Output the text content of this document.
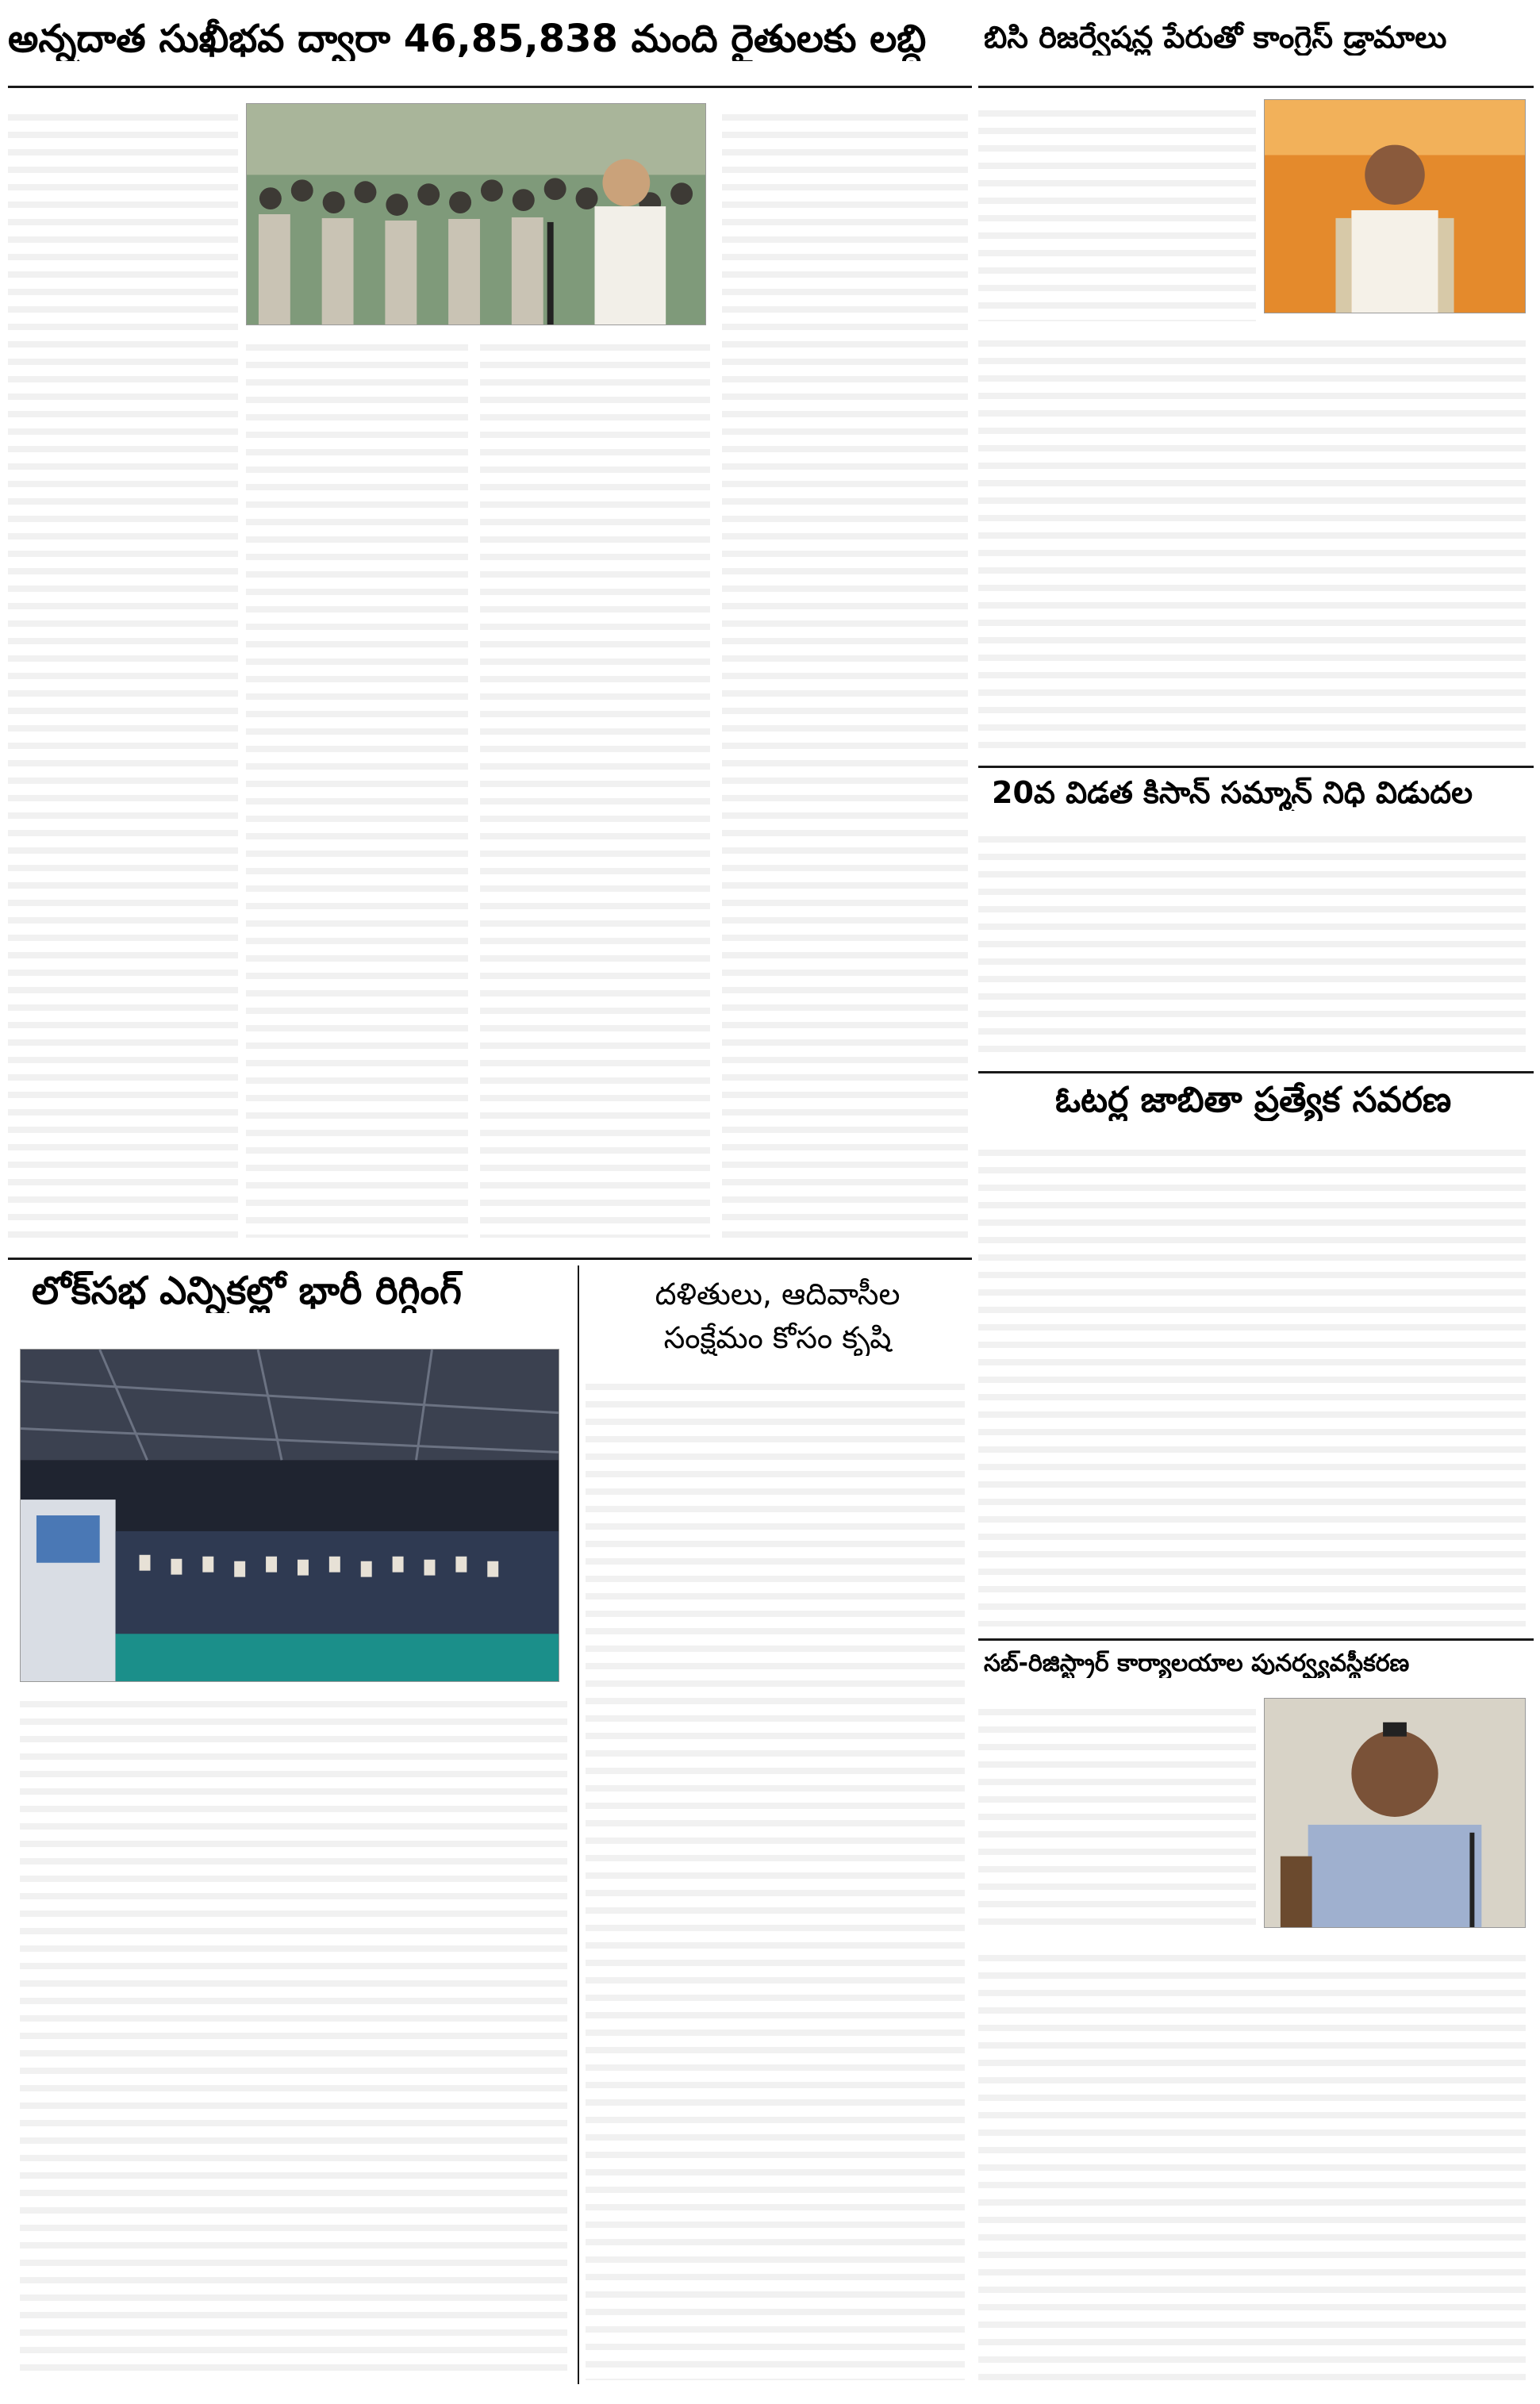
అన్నదాత సుఖీభవ ద్వారా 46,85,838 మంది రైతులకు లబ్ధి	బిసి రిజర్వేషన్ల పేరుతో కాంగ్రెస్ డ్రామాలు
20వ విడత కిసాన్ సమ్మాన్ నిధి విడుదల
ఓటర్ల జాబితా ప్రత్యేక సవరణ
లోక్‌సభ ఎన్నికల్లో భారీ రిగ్గింగ్	దళితులు, ఆదివాసీల
సంక్షేమం కోసం కృషి
సబ్-రిజిస్ట్రార్ కార్యాలయాల పునర్వ్యవస్థీకరణ
